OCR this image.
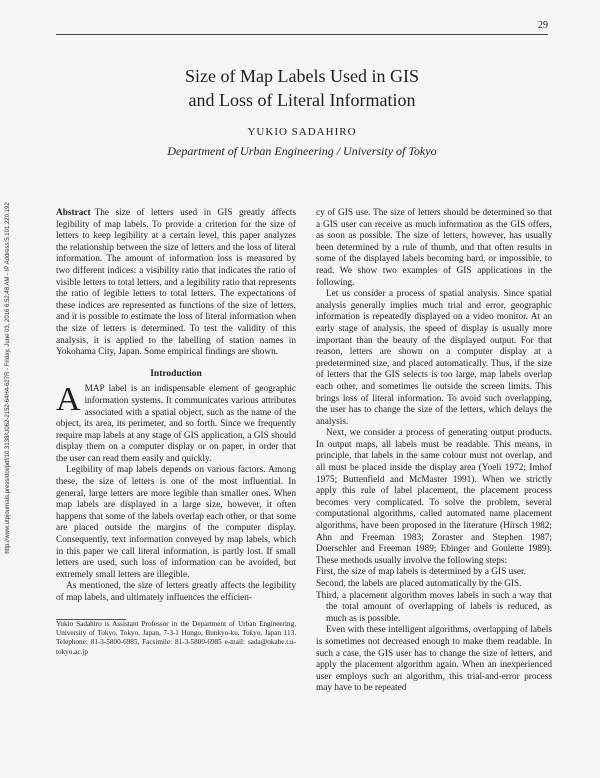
29
http://www.utpjournals.press/doi/pdf/10.3138/U062-2152-64H4-627R - Friday, June 03, 2016 6:52:48 AM - IP Address:5.101.220.192
Size of Map Labels Used in GIS
and Loss of Literal Information
YUKIO SADAHIRO
Department of Urban Engineering / University of Tokyo

Abstract The size of letters used in GIS greatly affects legibility of map labels. To provide a criterion for the size of letters to keep legibility at a certain level, this paper analyzes the relationship between the size of letters and the loss of literal information. The amount of information loss is measured by two different indices: a visibility ratio that indicates the ratio of visible letters to total letters, and a legibility ratio that represents the ratio of legible letters to total letters. The expectations of these indices are represented as functions of the size of letters, and it is possible to estimate the loss of literal information when the size of letters is determined. To test the validity of this analysis, it is applied to the labelling of station names in Yokohama City, Japan. Some empirical findings are shown.

Introduction

AMAP label is an indispensable element of geographic information systems. It communicates various attributes associated with a spatial object, such as the name of the object, its area, its perimeter, and so forth. Since we frequently require map labels at any stage of GIS application, a GIS should display them on a computer display or on paper, in order that the user can read them easily and quickly.

Legibility of map labels depends on various factors. Among these, the size of letters is one of the most influential. In general, large letters are more legible than smaller ones. When map labels are displayed in a large size, however, it often happens that some of the labels overlap each other, or that some are placed outside the margins of the computer display. Consequently, text information conveyed by map labels, which in this paper we call literal information, is partly lost. If small letters are used, such loss of information can be avoided, but extremely small letters are illegible.

As mentioned, the size of letters greatly affects the legibility of map labels, and ultimately influences the efficien-

Yukio Sadahiro is Assistant Professor in the Department of Urban Engineering, University of Tokyo, Tokyo, Japan, 7-3-1 Hongo, Bunkyo-ku, Tokyo, Japan 113. Telephone: 81-3-5800-6985, Facsimile: 81-3-5800-6985 e-mail: sada@okabe.t.u-tokyo.ac.jp

cy of GIS use. The size of letters should be determined so that a GIS user can receive as much information as the GIS offers, as soon as possible. The size of letters, however, has usually been determined by a rule of thumb, and that often results in some of the displayed labels becoming hard, or impossible, to read. We show two examples of GIS applications in the following.

Let us consider a process of spatial analysis. Since spatial analysis generally implies much trial and error, geographic information is repeatedly displayed on a video monitor. At an early stage of analysis, the speed of display is usually more important than the beauty of the displayed output. For that reason, letters are shown on a computer display at a predetermined size, and placed automatically. Thus, if the size of letters that the GIS selects is too large, map labels overlap each other, and sometimes lie outside the screen limits. This brings loss of literal information. To avoid such overlapping, the user has to change the size of the letters, which delays the analysis.

Next, we consider a process of generating output products. In output maps, all labels must be readable. This means, in principle, that labels in the same colour must not overlap, and all must be placed inside the display area (Yoeli 1972; Imhof 1975; Buttenfield and McMaster 1991). When we strictly apply this rule of label placement, the placement process becomes very complicated. To solve the problem, several computational algorithms, called automated name placement algorithms, have been proposed in the literature (Hirsch 1982; Ahn and Freeman 1983; Zoraster and Stephen 1987; Doerschler and Freeman 1989; Ebinger and Goulette 1989). These methods usually involve the following steps:

First, the size of map labels is determined by a GIS user.

Second, the labels are placed automatically by the GIS.

Third, a placement algorithm moves labels in such a way that the total amount of overlapping of labels is reduced, as much as is possible.

Even with these intelligent algorithms, overlapping of labels is sometimes not decreased enough to make them readable. In such a case, the GIS user has to change the size of letters, and apply the placement algorithm again. When an inexperienced user employs such an algorithm, this trial-and-error process may have to be repeated
